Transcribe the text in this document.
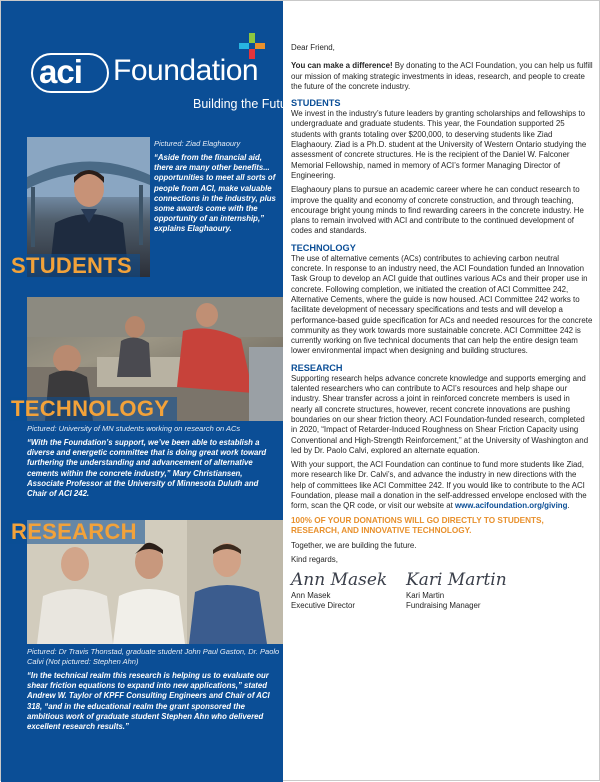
aci Foundation
Building the Future
STUDENTS
Pictured: Ziad Elaghaoury
“Aside from the financial aid, there are many other benefits... opportunities to meet all sorts of people from ACI, make valuable connections in the industry, plus some awards come with the opportunity of an internship,” explains Elaghaoury.
TECHNOLOGY
Pictured: University of MN students working on research on ACs
“With the Foundation’s support, we’ve been able to establish a diverse and energetic committee that is doing great work toward furthering the understanding and advancement of alternative cements within the concrete industry,” Mary Christiansen, Associate Professor at the University of Minnesota Duluth and Chair of ACI 242.
RESEARCH
Pictured: Dr Travis Thonstad, graduate student John Paul Gaston, Dr. Paolo Calvi (Not pictured: Stephen Ahn)
“In the technical realm this research is helping us to evaluate our shear friction equations to expand into new applications,” stated Andrew W. Taylor of KPFF Consulting Engineers and Chair of ACI 318, “and in the educational realm the grant sponsored the ambitious work of graduate student Stephen Ahn who delivered excellent research results.”
Dear Friend,
You can make a difference! By donating to the ACI Foundation, you can help us fulfill our mission of making strategic investments in ideas, research, and people to create the future of the concrete industry.
STUDENTS
We invest in the industry’s future leaders by granting scholarships and fellowships to undergraduate and graduate students. This year, the Foundation supported 25 students with grants totaling over $200,000, to deserving students like Ziad Elaghaoury. Ziad is a Ph.D. student at the University of Western Ontario studying the assessment of concrete structures. He is the recipient of the Daniel W. Falconer Memorial Fellowship, named in memory of ACI’s former Managing Director of Engineering.
Elaghaoury plans to pursue an academic career where he can conduct research to improve the quality and economy of concrete construction, and through teaching, encourage bright young minds to find rewarding careers in the concrete industry. He plans to remain involved with ACI and contribute to the continued development of codes and standards.
TECHNOLOGY
The use of alternative cements (ACs) contributes to achieving carbon neutral concrete. In response to an industry need, the ACI Foundation funded an Innovation Task Group to develop an ACI guide that outlines various ACs and their proper use in concrete. Following completion, we initiated the creation of ACI Committee 242, Alternative Cements, where the guide is now housed. ACI Committee 242 works to facilitate development of necessary specifications and tests and will develop a performance-based guide specification for ACs and needed resources for the concrete community as they work towards more sustainable concrete. ACI Committee 242 is currently working on five technical documents that can help the entire design team lower environmental impact when designing and building structures.
RESEARCH
Supporting research helps advance concrete knowledge and supports emerging and talented researchers who can contribute to ACI’s resources and help shape our industry. Shear transfer across a joint in reinforced concrete members is used in nearly all concrete structures, however, recent concrete innovations are pushing boundaries on our shear friction theory. ACI Foundation-funded research, completed in 2020, “Impact of Retarder-Induced Roughness on Shear Friction Capacity using Conventional and High-Strength Reinforcement,” at the University of Washington and led by Dr. Paolo Calvi, explored an alternate equation.
With your support, the ACI Foundation can continue to fund more students like Ziad, more research like Dr. Calvi’s, and advance the industry in new directions with the help of committees like ACI Committee 242. If you would like to contribute to the ACI Foundation, please mail a donation in the self-addressed envelope enclosed with the form, scan the QR code, or visit our website at www.acifoundation.org/giving.
100% OF YOUR DONATIONS WILL GO DIRECTLY TO STUDENTS, RESEARCH, AND INNOVATIVE TECHNOLOGY.
Together, we are building the future.
Kind regards,
Ann Masek
Ann Masek
Executive Director
Kari Martin
Kari Martin
Fundraising Manager
